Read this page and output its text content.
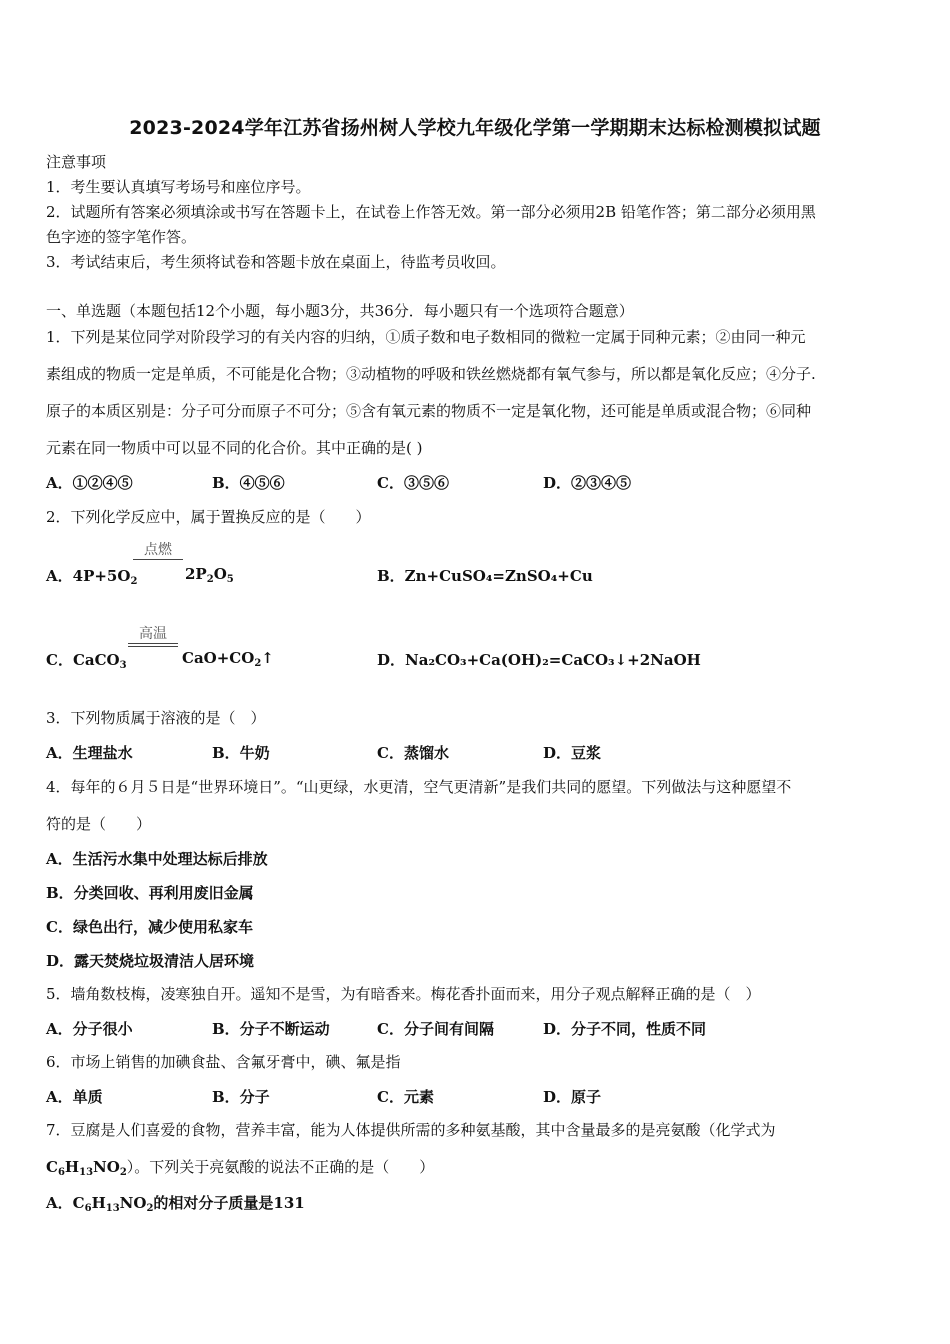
2023-2024学年江苏省扬州树人学校九年级化学第一学期期末达标检测模拟试题
注意事项
1．考生要认真填写考场号和座位序号。
2．试题所有答案必须填涂或书写在答题卡上，在试卷上作答无效。第一部分必须用2B 铅笔作答；第二部分必须用黑
色字迹的签字笔作答。
3．考试结束后，考生须将试卷和答题卡放在桌面上，待监考员收回。
一、单选题（本题包括12个小题，每小题3分，共36分．每小题只有一个选项符合题意）
1．下列是某位同学对阶段学习的有关内容的归纳，①质子数和电子数相同的微粒一定属于同种元素；②由同一种元
素组成的物质一定是单质，不可能是化合物；③动植物的呼吸和铁丝燃烧都有氧气参与，所以都是氧化反应；④分子.
原子的本质区别是：分子可分而原子不可分；⑤含有氧元素的物质不一定是氧化物，还可能是单质或混合物；⑥同种
元素在同一物质中可以显不同的化合价。其中正确的是( )
A．①②④⑤	B．④⑤⑥	C．③⑤⑥	D．②③④⑤
2．下列化学反应中，属于置换反应的是（　　）
A．$4P+5O_2$
点燃
$2P_2O_5$	B．Zn+CuSO₄=ZnSO₄+Cu
C．CaCO$_3$
高温
$CaO+CO_2↑$	D．Na₂CO₃+Ca(OH)₂=CaCO₃↓+2NaOH
3．下列物质属于溶液的是（　）
A．生理盐水	B．牛奶	C．蒸馏水	D．豆浆
4．每年的６月５日是“世界环境日”。“山更绿，水更清，空气更清新”是我们共同的愿望。下列做法与这种愿望不
符的是（　　）
A．生活污水集中处理达标后排放
B．分类回收、再利用废旧金属
C．绿色出行，减少使用私家车
D．露天焚烧垃圾清洁人居环境
5．墙角数枝梅，凌寒独自开。遥知不是雪，为有暗香来。梅花香扑面而来，用分子观点解释正确的是（　）
A．分子很小	B．分子不断运动	C．分子间有间隔	D．分子不同，性质不同
6．市场上销售的加碘食盐、含氟牙膏中，碘、氟是指
A．单质	B．分子	C．元素	D．原子
7．豆腐是人们喜爱的食物，营养丰富，能为人体提供所需的多种氨基酸，其中含量最多的是亮氨酸（化学式为
$C_6H_{13}NO_2$）。下列关于亮氨酸的说法不正确的是（　　）
A．$C_6H_{13}NO_2$的相对分子质量是131
